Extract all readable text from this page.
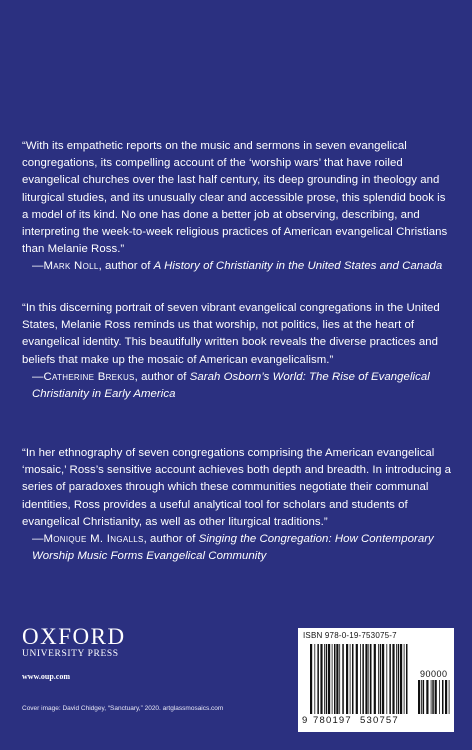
“With its empathetic reports on the music and sermons in seven evangelical congregations, its compelling account of the ‘worship wars’ that have roiled evangelical churches over the last half century, its deep grounding in theology and liturgical studies, and its unusually clear and accessible prose, this splendid book is a model of its kind. No one has done a better job at observing, describing, and interpreting the week-to-week religious practices of American evangelical Christians than Melanie Ross.”

—Mark Noll, author of A History of Christianity in the United States and Canada

“In this discerning portrait of seven vibrant evangelical congregations in the United States, Melanie Ross reminds us that worship, not politics, lies at the heart of evangelical identity. This beautifully written book reveals the diverse practices and beliefs that make up the mosaic of American evangelicalism.”

—Catherine Brekus, author of Sarah Osborn’s World: The Rise of Evangelical Christianity in Early America

“In her ethnography of seven congregations comprising the American evangelical ‘mosaic,’ Ross’s sensitive account achieves both depth and breadth. In introducing a series of paradoxes through which these communities negotiate their communal identities, Ross provides a useful analytical tool for scholars and students of evangelical Christianity, as well as other liturgical traditions.”

—Monique M. Ingalls, author of Singing the Congregation: How Contemporary Worship Music Forms Evangelical Community

OXFORD
UNIVERSITY PRESS
www.oup.com
Cover image: David Chidgey, “Sanctuary,” 2020. artglassmosaics.com
ISBN 978-0-19-753075-7
9 780197 530757
90000
